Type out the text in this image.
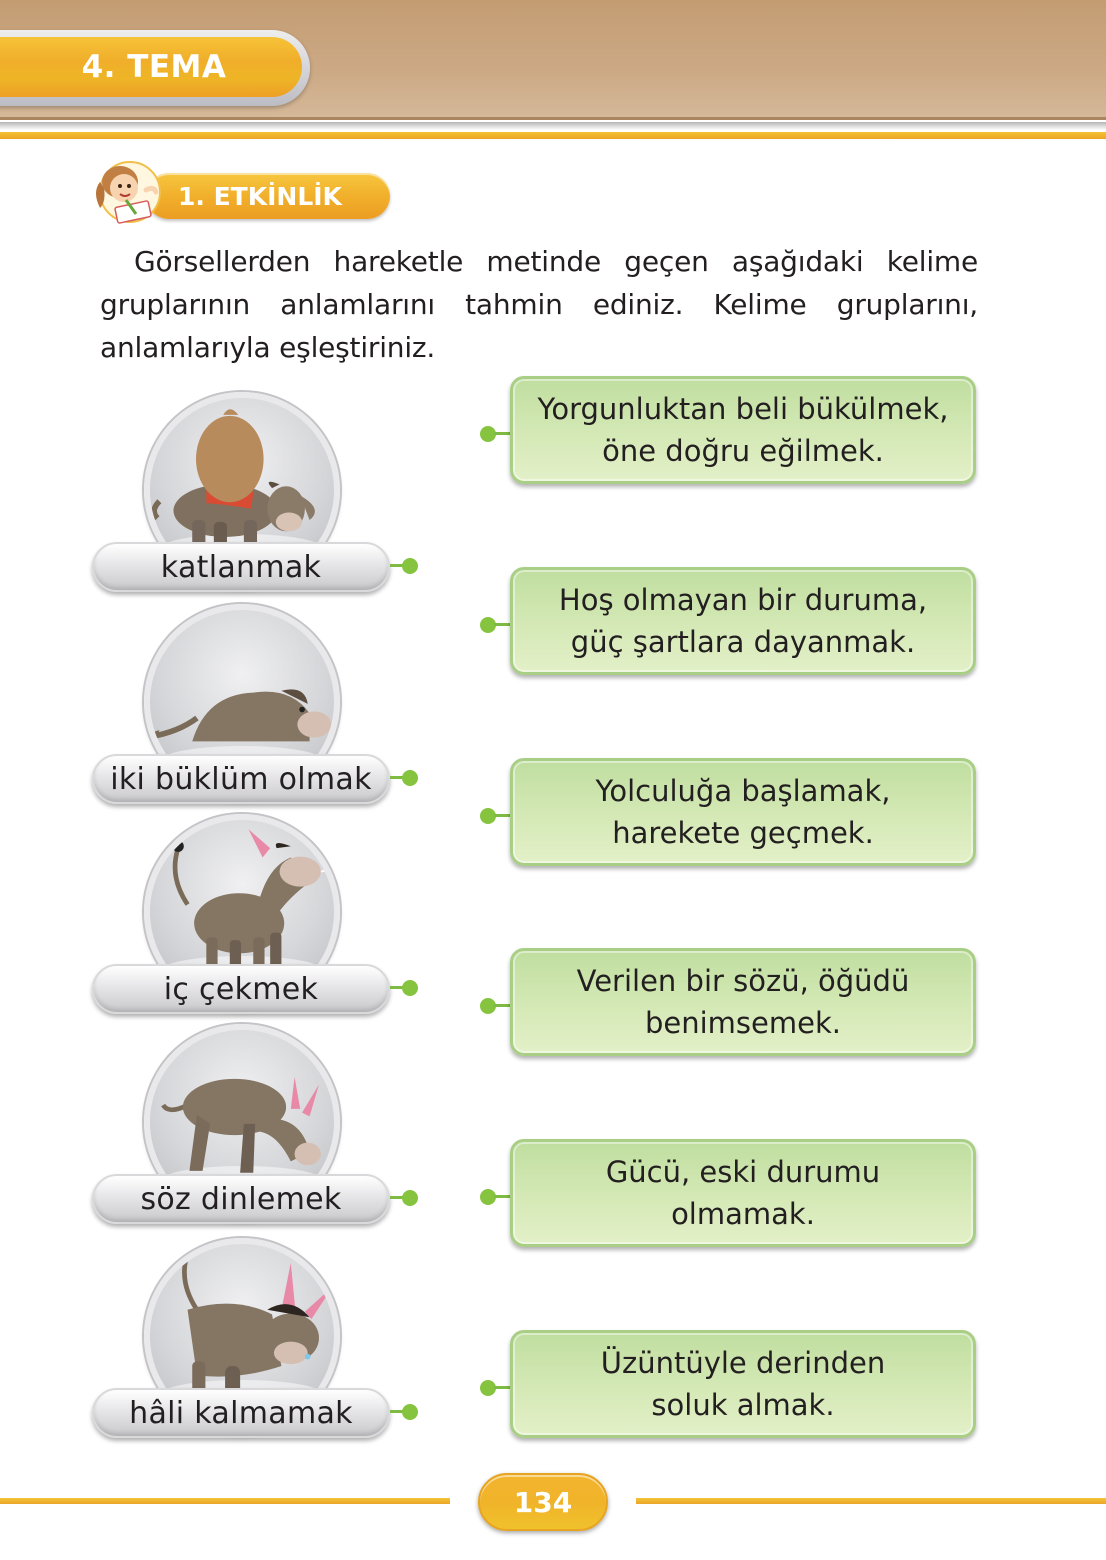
4. TEMA
1. ETKİNLİK

Görsellerden hareketle metinde geçen aşağıdaki kelime gruplarının anlamlarını tahmin ediniz. Kelime gruplarını, anlamlarıyla eşleştiriniz.

katlanmak
iki büklüm olmak
iç çekmek
söz dinlemek
hâli kalmamak
Yorgunluktan beli bükülmek,
öne doğru eğilmek.
Hoş olmayan bir duruma,
güç şartlara dayanmak.
Yolculuğa başlamak,
harekete geçmek.
Verilen bir sözü, öğüdü
benimsemek.
Gücü, eski durumu
olmamak.
Üzüntüyle derinden
soluk almak.
134
